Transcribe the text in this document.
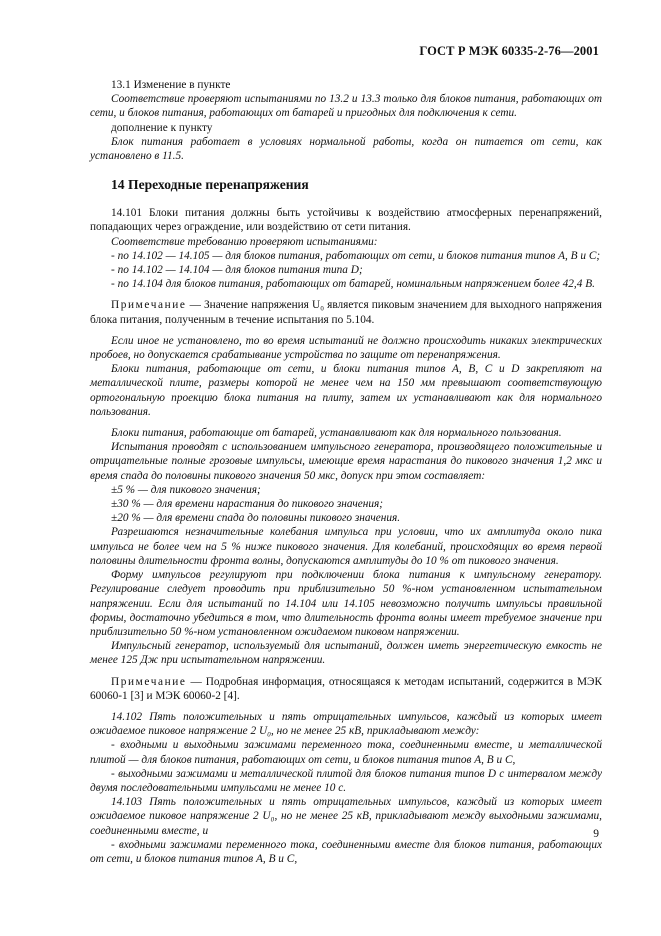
ГОСТ Р МЭК 60335-2-76—2001

13.1 Изменение в пункте

Соответствие проверяют испытаниями по 13.2 и 13.3 только для блоков питания, работающих от сети, и блоков питания, работающих от батарей и пригодных для подключения к сети.

дополнение к пункту

Блок питания работает в условиях нормальной работы, когда он питается от сети, как установлено в 11.5.

14 Переходные перенапряжения

14.101 Блоки питания должны быть устойчивы к воздействию атмосферных перенапряжений, попадающих через ограждение, или воздействию от сети питания.

Соответствие требованию проверяют испытаниями:

- по 14.102 — 14.105 — для блоков питания, работающих от сети, и блоков питания типов А, В и С;

- по 14.102 — 14.104 — для блоков питания типа D;

- по 14.104 для блоков питания, работающих от батарей, номинальным напряжением более 42,4 В.

Примечание — Значение напряжения U₀ является пиковым значением для выходного напряжения блока питания, полученным в течение испытания по 5.104.

Если иное не установлено, то во время испытаний не должно происходить никаких электрических пробоев, но допускается срабатывание устройства по защите от перенапряжения.

Блоки питания, работающие от сети, и блоки питания типов А, В, С и D закрепляют на металлической плите, размеры которой не менее чем на 150 мм превышают соответствующую ортогональную проекцию блока питания на плиту, затем их устанавливают как для нормального пользования.

Блоки питания, работающие от батарей, устанавливают как для нормального пользования.

Испытания проводят с использованием импульсного генератора, производящего положительные и отрицательные полные грозовые импульсы, имеющие время нарастания до пикового значения 1,2 мкс и время спада до половины пикового значения 50 мкс, допуск при этом составляет:

±5 % — для пикового значения;

±30 % — для времени нарастания до пикового значения;

±20 % — для времени спада до половины пикового значения.

Разрешаются незначительные колебания импульса при условии, что их амплитуда около пика импульса не более чем на 5 % ниже пикового значения. Для колебаний, происходящих во время первой половины длительности фронта волны, допускаются амплитуды до 10 % от пикового значения.

Форму импульсов регулируют при подключении блока питания к импульсному генератору. Регулирование следует проводить при приблизительно 50 %-ном установленном испытательном напряжении. Если для испытаний по 14.104 или 14.105 невозможно получить импульсы правильной формы, достаточно убедиться в том, что длительность фронта волны имеет требуемое значение при приблизительно 50 %-ном установленном ожидаемом пиковом напряжении.

Импульсный генератор, используемый для испытаний, должен иметь энергетическую емкость не менее 125 Дж при испытательном напряжении.

Примечание — Подробная информация, относящаяся к методам испытаний, содержится в МЭК 60060-1 [3] и МЭК 60060-2 [4].

14.102 Пять положительных и пять отрицательных импульсов, каждый из которых имеет ожидаемое пиковое напряжение 2 U₀, но не менее 25 кВ, прикладывают между:

- входными и выходными зажимами переменного тока, соединенными вместе, и металлической плитой — для блоков питания, работающих от сети, и блоков питания типов А, В и С,

- выходными зажимами и металлической плитой для блоков питания типов D с интервалом между двумя последовательными импульсами не менее 10 с.

14.103 Пять положительных и пять отрицательных импульсов, каждый из которых имеет ожидаемое пиковое напряжение 2 U₀, но не менее 25 кВ, прикладывают между выходными зажимами, соединенными вместе, и

- входными зажимами переменного тока, соединенными вместе для блоков питания, работающих от сети, и блоков питания типов А, В и С,

9
